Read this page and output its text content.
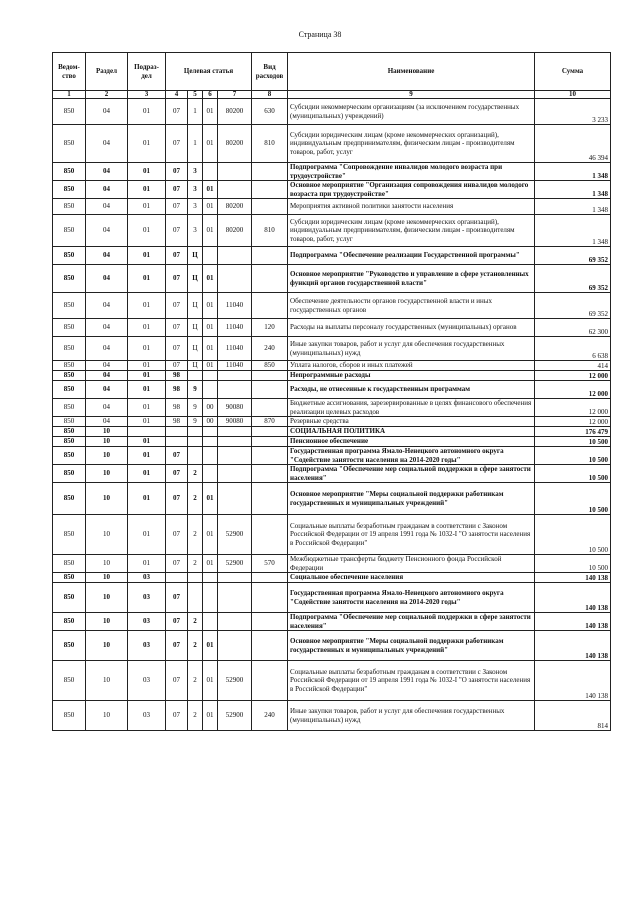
Страница 38
Ведом-ство	Раздел	Подраз-дел	Целевая статья				Вид расходов	Наименование	Сумма
1	2	3	4	5	6	7	8	9	10
850	04	01	07	1	01	80200	630	Субсидии некоммерческим организациям (за исключением государственных (муниципальных) учреждений)	3 233
850	04	01	07	1	01	80200	810	Субсидии юридическим лицам (кроме некоммерческих организаций), индивидуальным предпринимателям, физическим лицам - производителям товаров, работ, услуг	46 394
850	04	01	07	3				Подпрограмма "Сопровождение инвалидов молодого возраста при трудоустройстве"	1 348
850	04	01	07	3	01			Основное мероприятие "Организация сопровождения инвалидов молодого возраста при трудоустройстве"	1 348
850	04	01	07	3	01	80200		Мероприятия активной политики занятости населения	1 348
850	04	01	07	3	01	80200	810	Субсидии юридическим лицам (кроме некоммерческих организаций), индивидуальным предпринимателям, физическим лицам - производителям товаров, работ, услуг	1 348
850	04	01	07	Ц				Подпрограмма "Обеспечение реализации Государственной программы"	69 352
850	04	01	07	Ц	01			Основное мероприятие "Руководство и управление в сфере установленных функций органов государственной власти"	69 352
850	04	01	07	Ц	01	11040		Обеспечение деятельности органов государственной власти и иных государственных органов	69 352
850	04	01	07	Ц	01	11040	120	Расходы на выплаты персоналу государственных (муниципальных) органов	62 300
850	04	01	07	Ц	01	11040	240	Иные закупки товаров, работ и услуг для обеспечения государственных (муниципальных) нужд	6 638
850	04	01	07	Ц	01	11040	850	Уплата налогов, сборов и иных платежей	414
850	04	01	98					Непрограммные расходы	12 000
850	04	01	98	9				Расходы, не отнесенные к государственным программам	12 000
850	04	01	98	9	00	90080		Бюджетные ассигнования, зарезервированные в целях финансового обеспечения реализации целевых расходов	12 000
850	04	01	98	9	00	90080	870	Резервные средства	12 000
850	10							СОЦИАЛЬНАЯ ПОЛИТИКА	176 479
850	10	01						Пенсионное обеспечение	10 500
850	10	01	07					Государственная программа Ямало-Ненецкого автономного округа "Содействие занятости населения на 2014-2020 годы"	10 500
850	10	01	07	2				Подпрограмма "Обеспечение мер социальной поддержки в сфере занятости населения"	10 500
850	10	01	07	2	01			Основное мероприятие "Меры социальной поддержки работникам государственных и муниципальных учреждений"	10 500
850	10	01	07	2	01	52900		Социальные выплаты безработным гражданам в соответствии с Законом Российской Федерации от 19 апреля 1991 года № 1032-I "О занятости населения в Российской Федерации"	10 500
850	10	01	07	2	01	52900	570	Межбюджетные трансферты бюджету Пенсионного фонда Российской Федерации	10 500
850	10	03						Социальное обеспечение населения	140 138
850	10	03	07					Государственная программа Ямало-Ненецкого автономного округа "Содействие занятости населения на 2014-2020 годы"	140 138
850	10	03	07	2				Подпрограмма "Обеспечение мер социальной поддержки в сфере занятости населения"	140 138
850	10	03	07	2	01			Основное мероприятие "Меры социальной поддержки работникам государственных и муниципальных учреждений"	140 138
850	10	03	07	2	01	52900		Социальные выплаты безработным гражданам в соответствии с Законом Российской Федерации от 19 апреля 1991 года № 1032-I "О занятости населения в Российской Федерации"	140 138
850	10	03	07	2	01	52900	240	Иные закупки товаров, работ и услуг для обеспечения государственных (муниципальных) нужд	814
